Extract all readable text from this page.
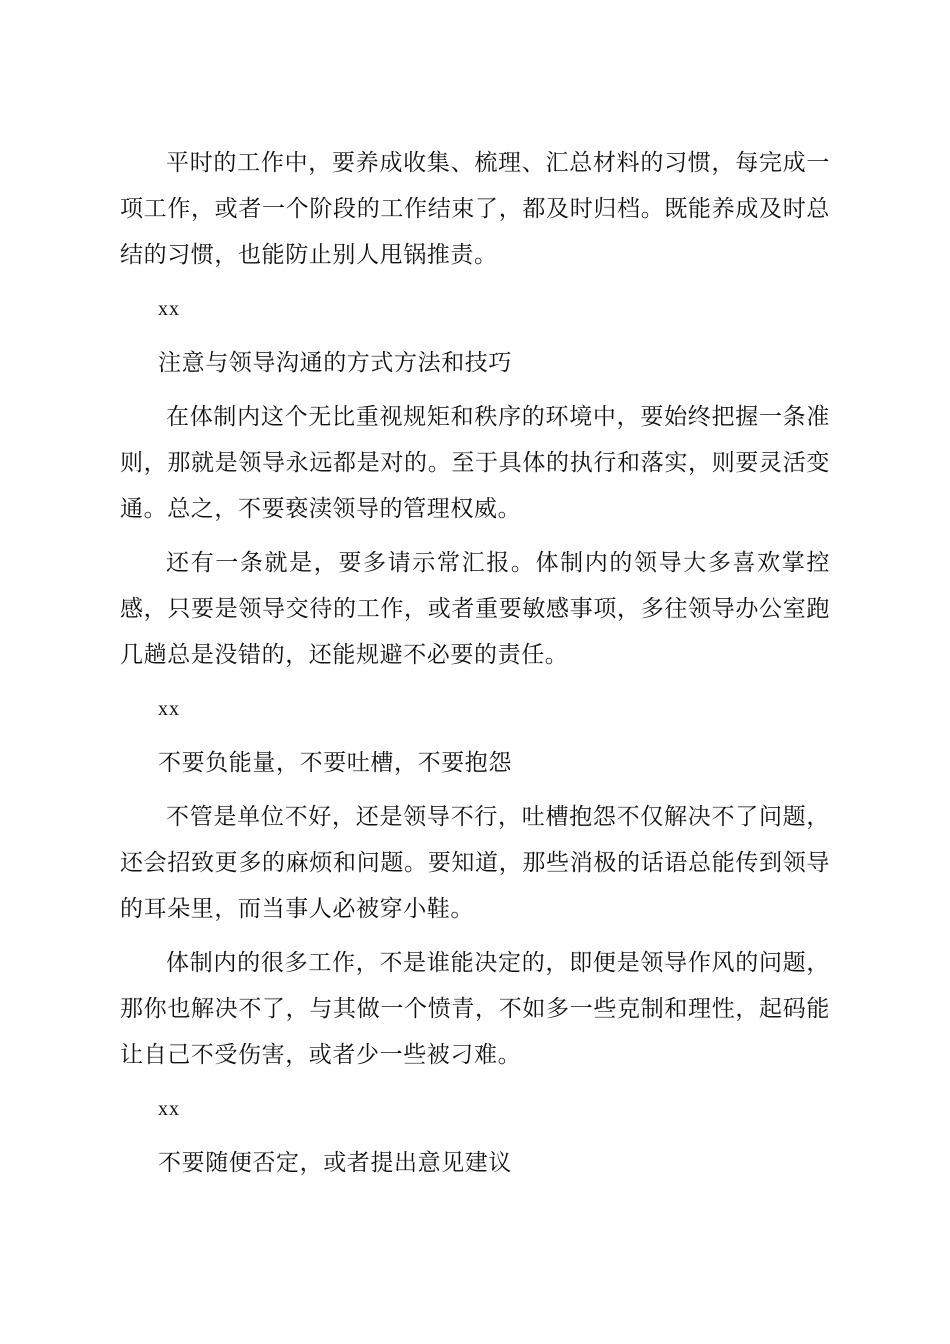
平时的工作中，要养成收集、梳理、汇总材料的习惯，每完成一项工作，或者一个阶段的工作结束了，都及时归档。既能养成及时总结的习惯，也能防止别人甩锅推责。

xx

注意与领导沟通的方式方法和技巧

在体制内这个无比重视规矩和秩序的环境中，要始终把握一条准则，那就是领导永远都是对的。至于具体的执行和落实，则要灵活变通。总之，不要亵渎领导的管理权威。

还有一条就是，要多请示常汇报。体制内的领导大多喜欢掌控感，只要是领导交待的工作，或者重要敏感事项，多往领导办公室跑几趟总是没错的，还能规避不必要的责任。

xx

不要负能量，不要吐槽，不要抱怨

不管是单位不好，还是领导不行，吐槽抱怨不仅解决不了问题，还会招致更多的麻烦和问题。要知道，那些消极的话语总能传到领导的耳朵里，而当事人必被穿小鞋。

体制内的很多工作，不是谁能决定的，即便是领导作风的问题，那你也解决不了，与其做一个愤青，不如多一些克制和理性，起码能让自己不受伤害，或者少一些被刁难。

xx

不要随便否定，或者提出意见建议
